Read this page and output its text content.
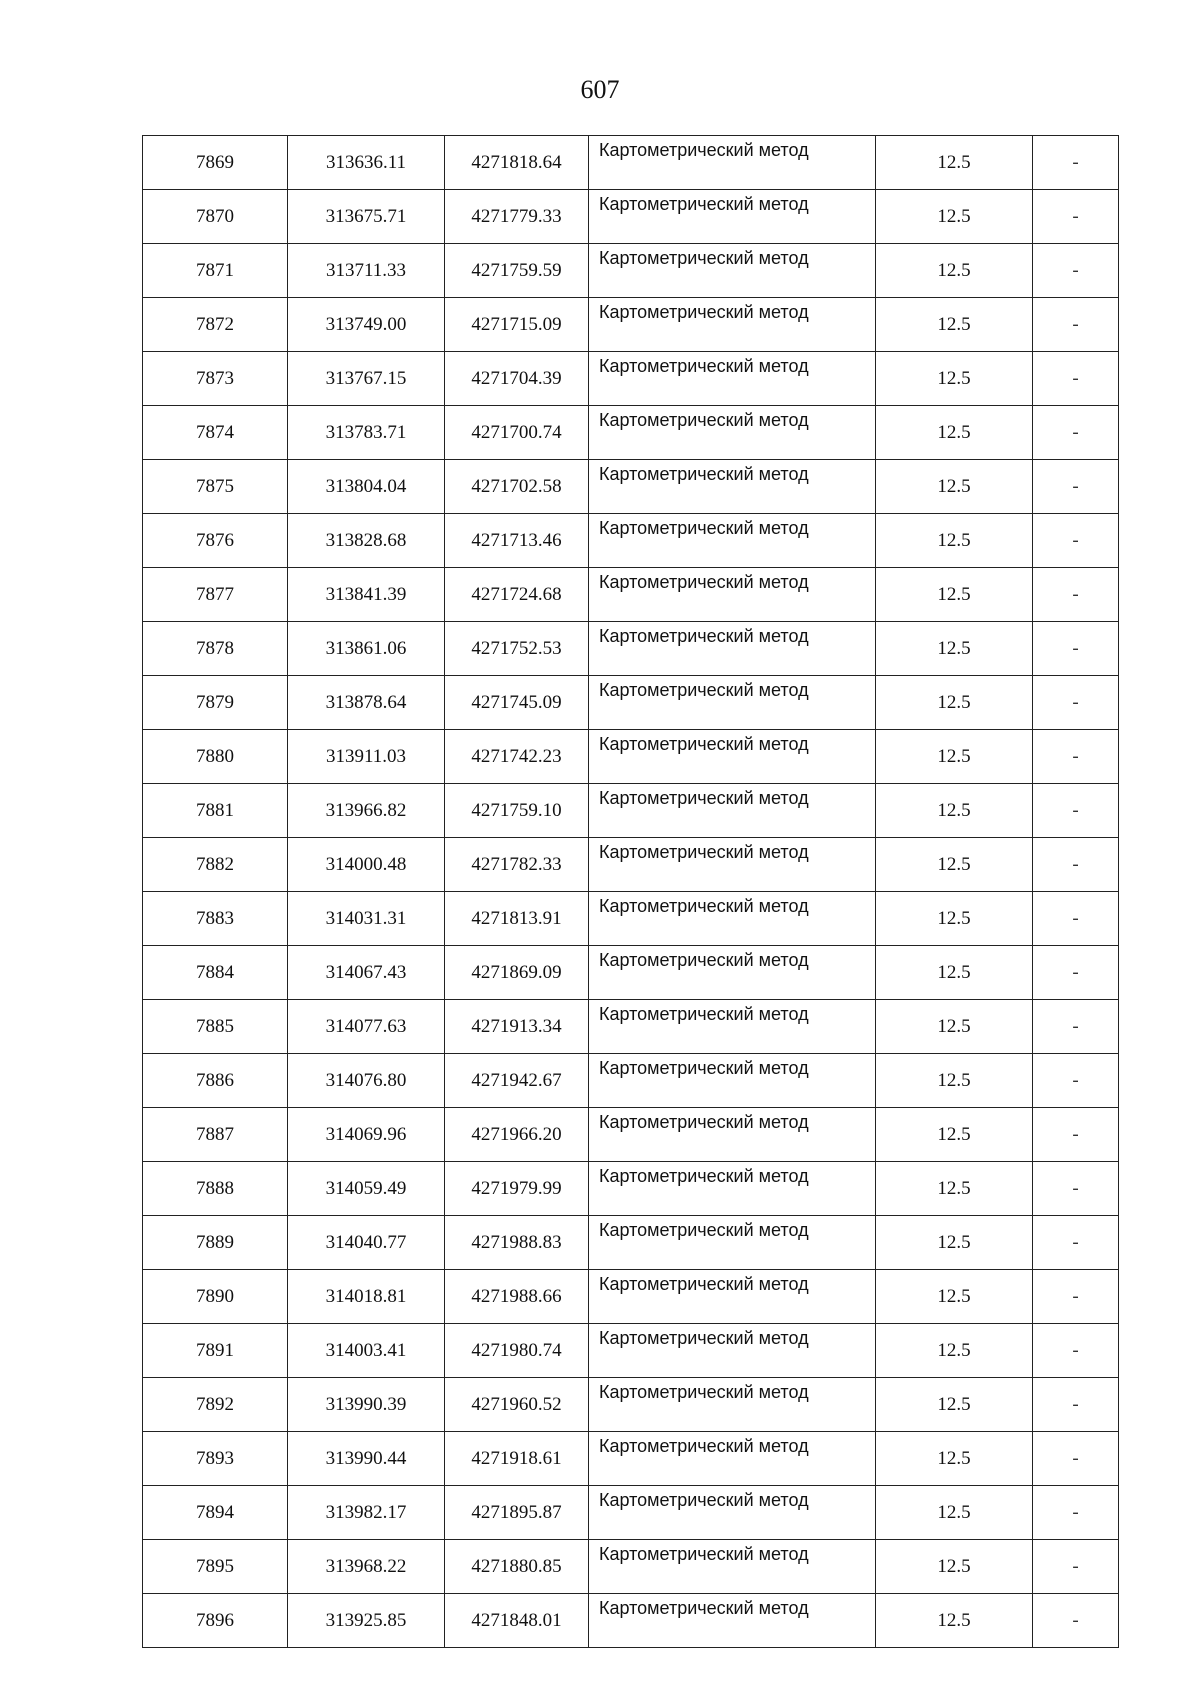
607
7869	313636.11	4271818.64	Картометрический метод	12.5	-
7870	313675.71	4271779.33	Картометрический метод	12.5	-
7871	313711.33	4271759.59	Картометрический метод	12.5	-
7872	313749.00	4271715.09	Картометрический метод	12.5	-
7873	313767.15	4271704.39	Картометрический метод	12.5	-
7874	313783.71	4271700.74	Картометрический метод	12.5	-
7875	313804.04	4271702.58	Картометрический метод	12.5	-
7876	313828.68	4271713.46	Картометрический метод	12.5	-
7877	313841.39	4271724.68	Картометрический метод	12.5	-
7878	313861.06	4271752.53	Картометрический метод	12.5	-
7879	313878.64	4271745.09	Картометрический метод	12.5	-
7880	313911.03	4271742.23	Картометрический метод	12.5	-
7881	313966.82	4271759.10	Картометрический метод	12.5	-
7882	314000.48	4271782.33	Картометрический метод	12.5	-
7883	314031.31	4271813.91	Картометрический метод	12.5	-
7884	314067.43	4271869.09	Картометрический метод	12.5	-
7885	314077.63	4271913.34	Картометрический метод	12.5	-
7886	314076.80	4271942.67	Картометрический метод	12.5	-
7887	314069.96	4271966.20	Картометрический метод	12.5	-
7888	314059.49	4271979.99	Картометрический метод	12.5	-
7889	314040.77	4271988.83	Картометрический метод	12.5	-
7890	314018.81	4271988.66	Картометрический метод	12.5	-
7891	314003.41	4271980.74	Картометрический метод	12.5	-
7892	313990.39	4271960.52	Картометрический метод	12.5	-
7893	313990.44	4271918.61	Картометрический метод	12.5	-
7894	313982.17	4271895.87	Картометрический метод	12.5	-
7895	313968.22	4271880.85	Картометрический метод	12.5	-
7896	313925.85	4271848.01	Картометрический метод	12.5	-
